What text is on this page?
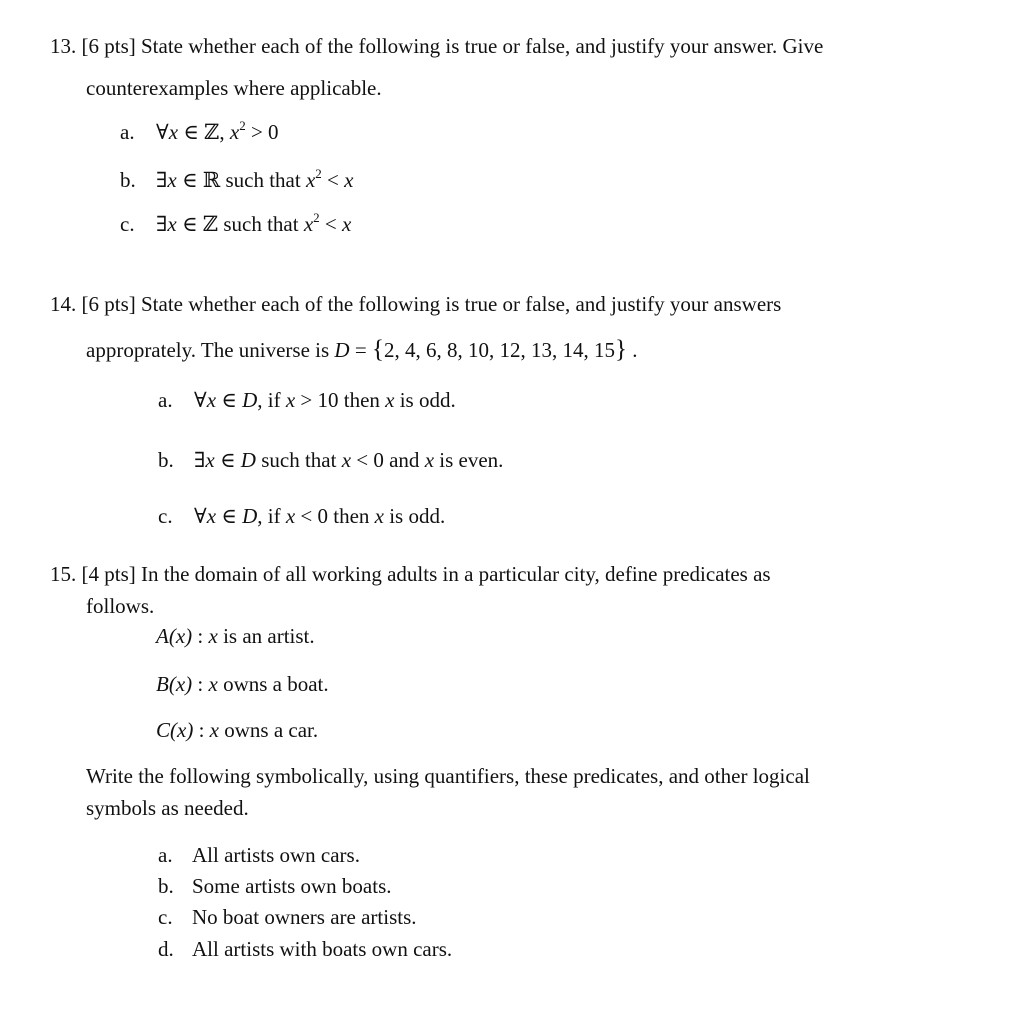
13. [6 pts] State whether each of the following is true or false, and justify your answer. Give
counterexamples where applicable.
a. ∀x ∈ ℤ, $x^2 > 0$
b. ∃x ∈ ℝ such that $x^2 < x$
c. ∃x ∈ ℤ such that $x^2 < x$
14. [6 pts] State whether each of the following is true or false, and justify your answers
approprately. The universe is D = {2, 4, 6, 8, 10, 12, 13, 14, 15} .
a. ∀x ∈ D, if x > 10 then x is odd.
b. ∃x ∈ D such that x < 0 and x is even.
c. ∀x ∈ D, if x < 0 then x is odd.
15. [4 pts] In the domain of all working adults in a particular city, define predicates as
follows.
A(x) : x is an artist.
B(x) : x owns a boat.
C(x) : x owns a car.
Write the following symbolically, using quantifiers, these predicates, and other logical
symbols as needed.
a. All artists own cars.
b. Some artists own boats.
c. No boat owners are artists.
d. All artists with boats own cars.
